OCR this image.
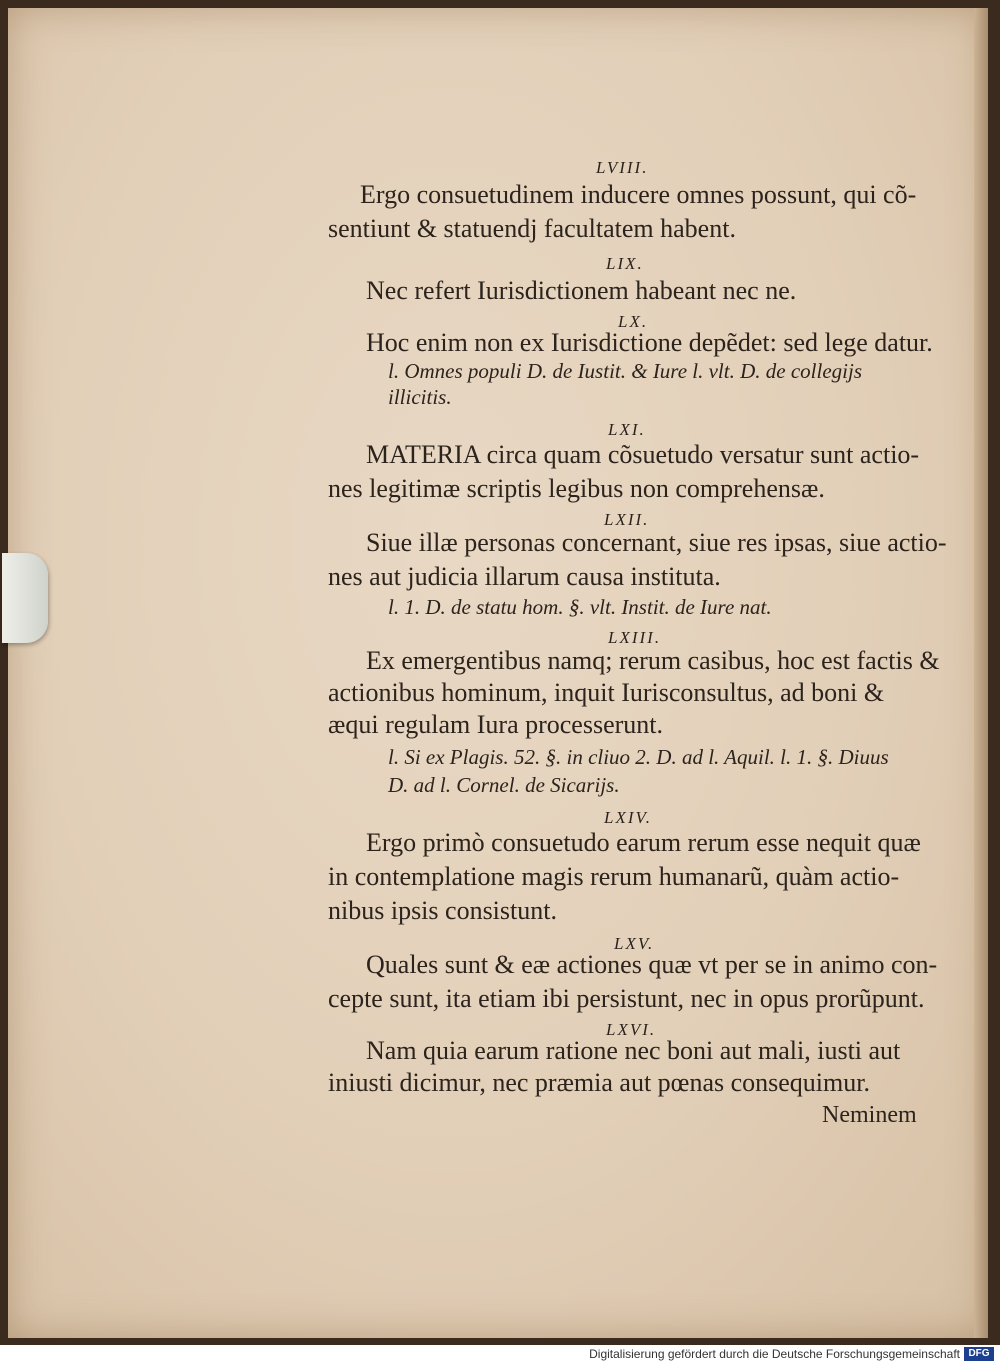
LVIII.
Ergo consuetudinem inducere omnes possunt, qui cõ-
sentiunt & statuendj facultatem habent.
LIX.
Nec refert Iurisdictionem habeant nec ne.
LX.
Hoc enim non ex Iurisdictione depẽdet: sed lege datur.
l. Omnes populi D. de Iustit. & Iure l. vlt. D. de collegijs
illicitis.
LXI.
MATERIA circa quam cõsuetudo versatur sunt actio-
nes legitimæ scriptis legibus non comprehensæ.
LXII.
Siue illæ personas concernant, siue res ipsas, siue actio-
nes aut judicia illarum causa instituta.
l. 1. D. de statu hom. §. vlt. Instit. de Iure nat.
LXIII.
Ex emergentibus namq; rerum casibus, hoc est factis &
actionibus hominum, inquit Iurisconsultus, ad boni &
æqui regulam Iura processerunt.
l. Si ex Plagis. 52. §. in cliuo 2. D. ad l. Aquil. l. 1. §. Diuus
D. ad l. Cornel. de Sicarijs.
LXIV.
Ergo primò consuetudo earum rerum esse nequit quæ
in contemplatione magis rerum humanarũ, quàm actio-
nibus ipsis consistunt.
LXV.
Quales sunt & eæ actiones quæ vt per se in animo con-
cepte sunt, ita etiam ibi persistunt, nec in opus prorũpunt.
LXVI.
Nam quia earum ratione nec boni aut mali, iusti aut
iniusti dicimur, nec præmia aut pœnas consequimur.
Neminem
Digitalisierung gefördert durch die Deutsche Forschungsgemeinschaft DFG
